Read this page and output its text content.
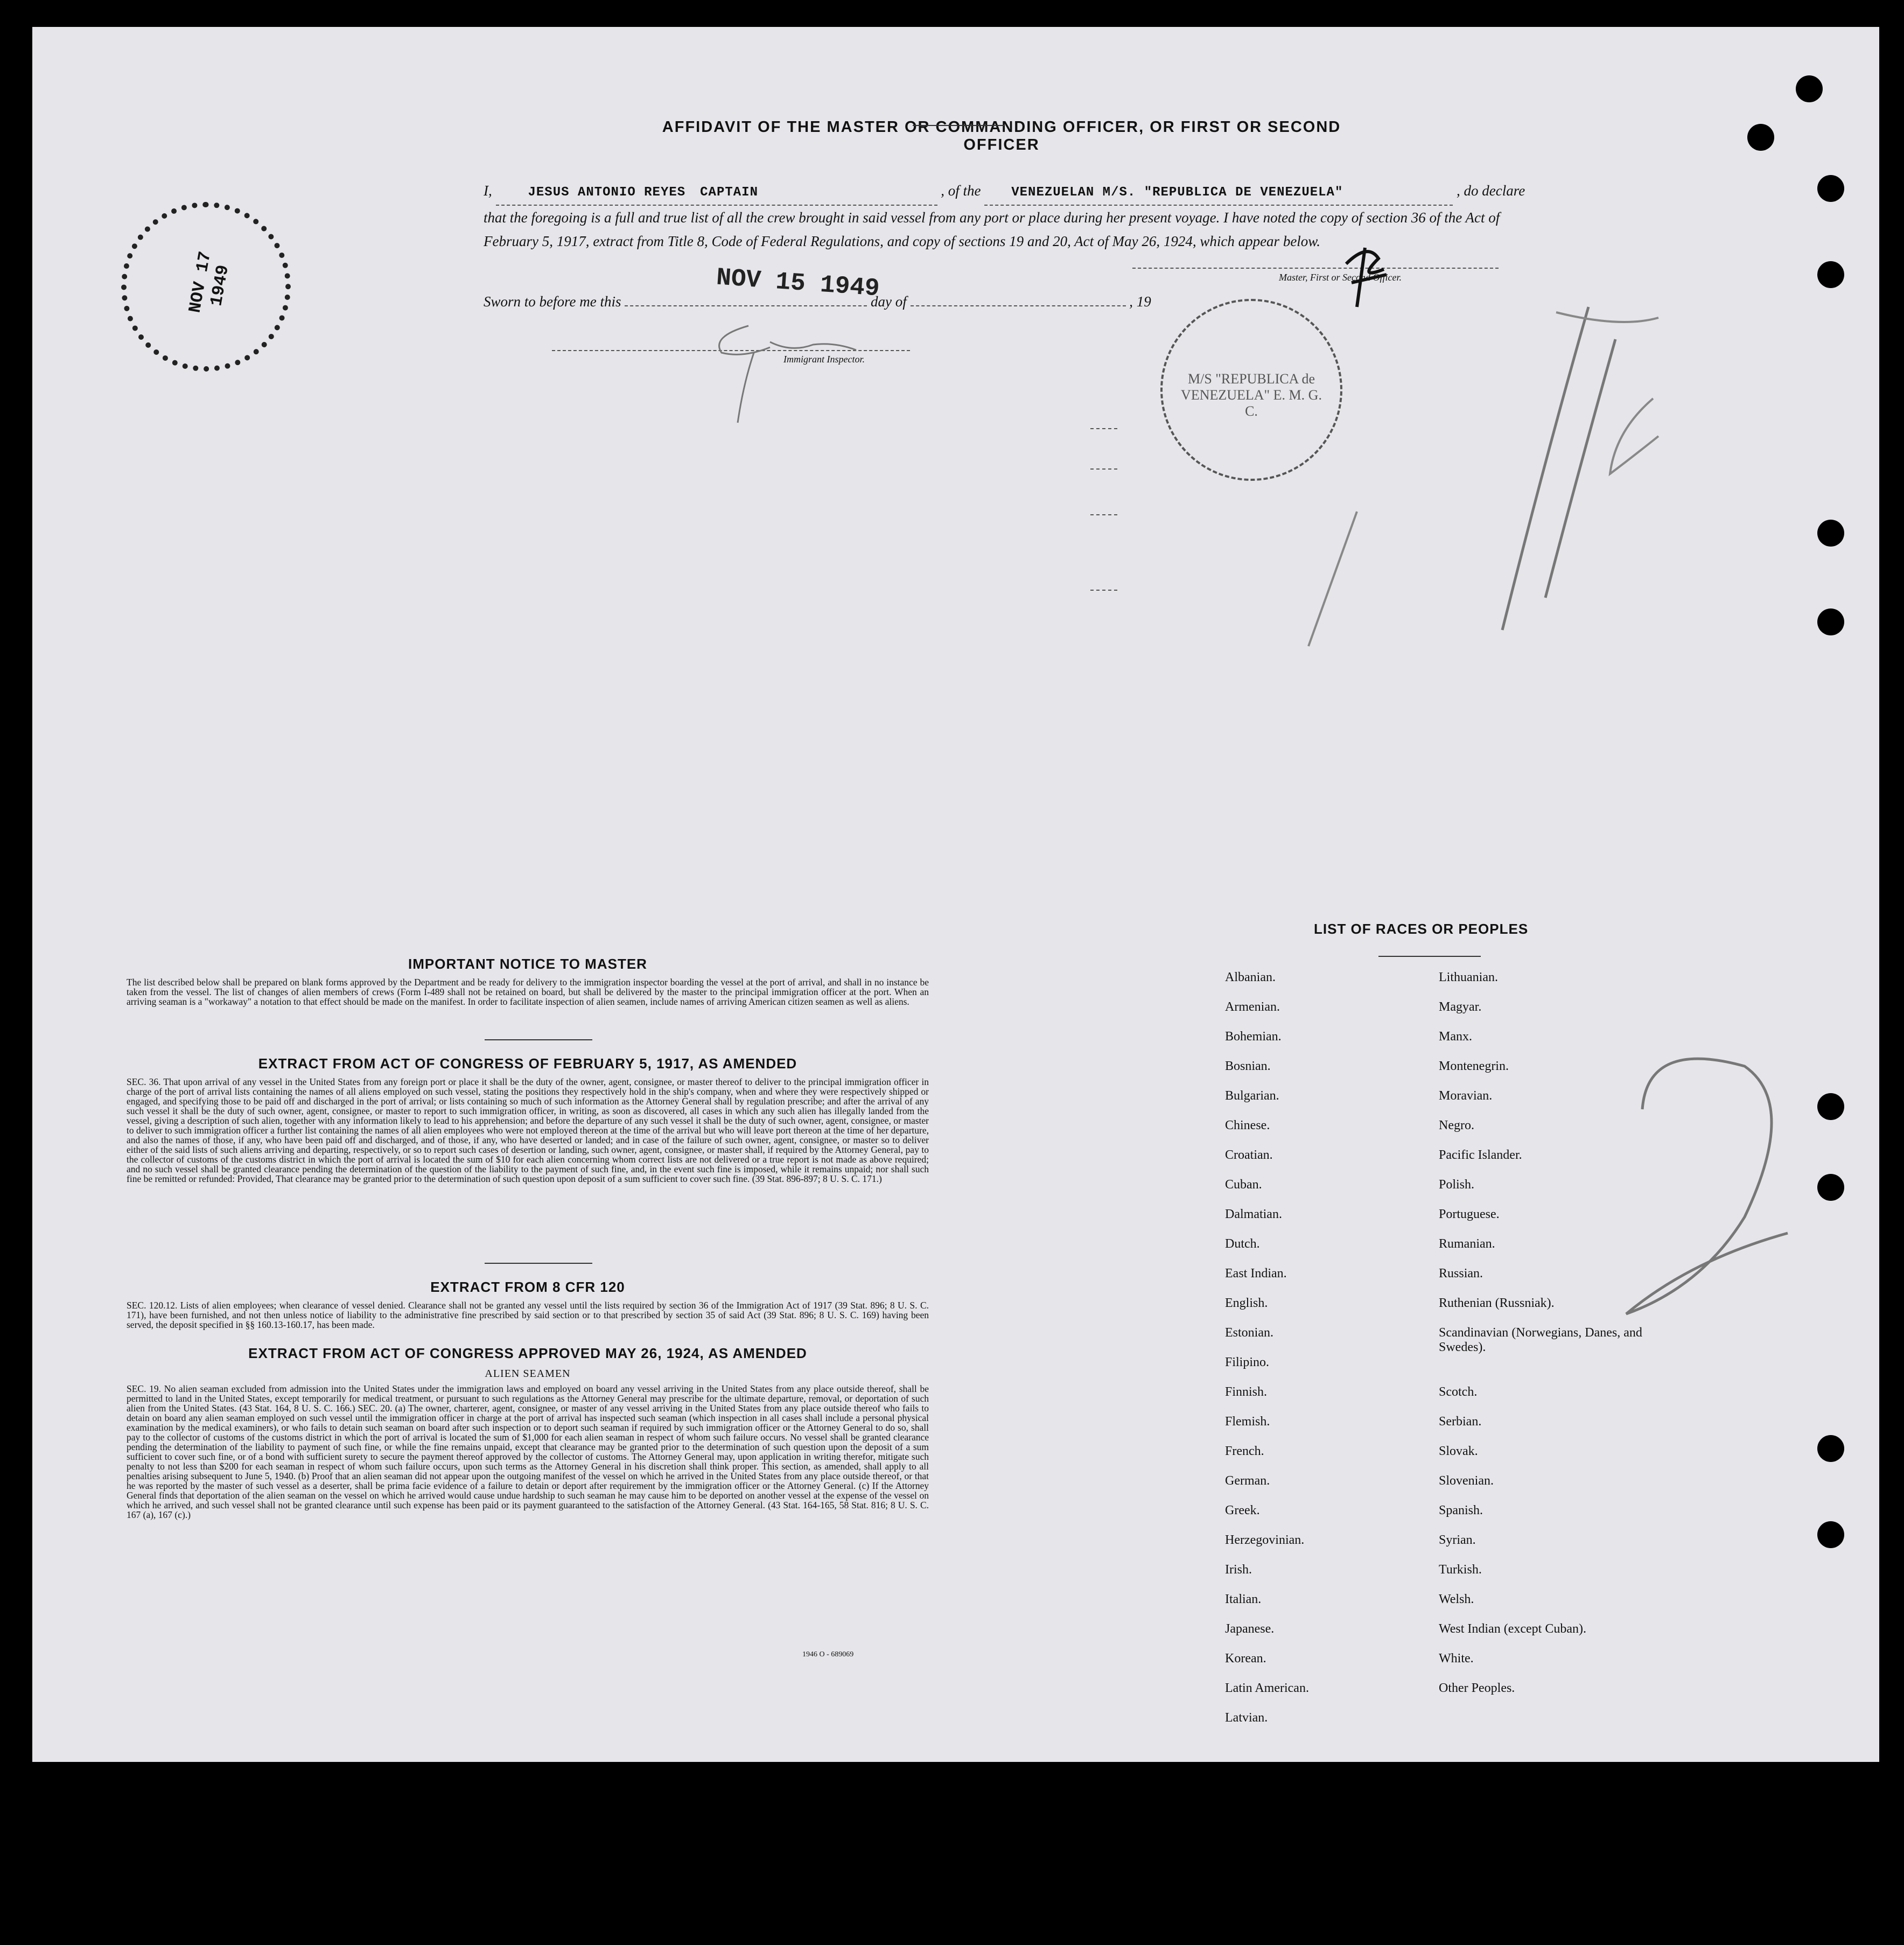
AFFIDAVIT OF THE MASTER OR COMMANDING OFFICER, OR FIRST OR SECOND OFFICER
I,	JESUS ANTONIO REYES CAPTAIN	, of the VENEZUELAN M/S. "REPUBLICA DE VENEZUELA"	, do declare
that the foregoing is a full and true list of all the crew brought in said vessel from any port or place during her present voyage. I have noted the copy of section 36 of the Act of February 5, 1917, extract from Title 8, Code of Federal Regulations, and copy of sections 19 and 20, Act of May 26, 1924, which appear below.
Sworn to before me this	day of	, 19
NOV 15 1949	Master, First or Second Officer.
Immigrant Inspector.
NOV 17 1949
M/S "REPUBLICA de VENEZUELA" E. M. G. C.
IMPORTANT NOTICE TO MASTER
The list described below shall be prepared on blank forms approved by the Department and be ready for delivery to the immigration inspector boarding the vessel at the port of arrival, and shall in no instance be taken from the vessel. The list of changes of alien members of crews (Form I-489 shall not be retained on board, but shall be delivered by the master to the principal immigration officer at the port. When an arriving seaman is a "workaway" a notation to that effect should be made on the manifest. In order to facilitate inspection of alien seamen, include names of arriving American citizen seamen as well as aliens.
EXTRACT FROM ACT OF CONGRESS OF FEBRUARY 5, 1917, AS AMENDED
SEC. 36. That upon arrival of any vessel in the United States from any foreign port or place it shall be the duty of the owner, agent, consignee, or master thereof to deliver to the principal immigration officer in charge of the port of arrival lists containing the names of all aliens employed on such vessel, stating the positions they respectively hold in the ship's company, when and where they were respectively shipped or engaged, and specifying those to be paid off and discharged in the port of arrival; or lists containing so much of such information as the Attorney General shall by regulation prescribe; and after the arrival of any such vessel it shall be the duty of such owner, agent, consignee, or master to report to such immigration officer, in writing, as soon as discovered, all cases in which any such alien has illegally landed from the vessel, giving a description of such alien, together with any information likely to lead to his apprehension; and before the departure of any such vessel it shall be the duty of such owner, agent, consignee, or master to deliver to such immigration officer a further list containing the names of all alien employees who were not employed thereon at the time of the arrival but who will leave port thereon at the time of her departure, and also the names of those, if any, who have been paid off and discharged, and of those, if any, who have deserted or landed; and in case of the failure of such owner, agent, consignee, or master so to deliver either of the said lists of such aliens arriving and departing, respectively, or so to report such cases of desertion or landing, such owner, agent, consignee, or master shall, if required by the Attorney General, pay to the collector of customs of the customs district in which the port of arrival is located the sum of $10 for each alien concerning whom correct lists are not delivered or a true report is not made as above required; and no such vessel shall be granted clearance pending the determination of the question of the liability to the payment of such fine, and, in the event such fine is imposed, while it remains unpaid; nor shall such fine be remitted or refunded: Provided, That clearance may be granted prior to the determination of such question upon deposit of a sum sufficient to cover such fine. (39 Stat. 896-897; 8 U. S. C. 171.)
EXTRACT FROM 8 CFR 120
SEC. 120.12. Lists of alien employees; when clearance of vessel denied. Clearance shall not be granted any vessel until the lists required by section 36 of the Immigration Act of 1917 (39 Stat. 896; 8 U. S. C. 171), have been furnished, and not then unless notice of liability to the administrative fine prescribed by said section or to that prescribed by section 35 of said Act (39 Stat. 896; 8 U. S. C. 169) having been served, the deposit specified in §§ 160.13-160.17, has been made.
EXTRACT FROM ACT OF CONGRESS APPROVED MAY 26, 1924, AS AMENDED
ALIEN SEAMEN
SEC. 19. No alien seaman excluded from admission into the United States under the immigration laws and employed on board any vessel arriving in the United States from any place outside thereof, shall be permitted to land in the United States, except temporarily for medical treatment, or pursuant to such regulations as the Attorney General may prescribe for the ultimate departure, removal, or deportation of such alien from the United States. (43 Stat. 164, 8 U. S. C. 166.) SEC. 20. (a) The owner, charterer, agent, consignee, or master of any vessel arriving in the United States from any place outside thereof who fails to detain on board any alien seaman employed on such vessel until the immigration officer in charge at the port of arrival has inspected such seaman (which inspection in all cases shall include a personal physical examination by the medical examiners), or who fails to detain such seaman on board after such inspection or to deport such seaman if required by such immigration officer or the Attorney General to do so, shall pay to the collector of customs of the customs district in which the port of arrival is located the sum of $1,000 for each alien seaman in respect of whom such failure occurs. No vessel shall be granted clearance pending the determination of the liability to payment of such fine, or while the fine remains unpaid, except that clearance may be granted prior to the determination of such question upon the deposit of a sum sufficient to cover such fine, or of a bond with sufficient surety to secure the payment thereof approved by the collector of customs. The Attorney General may, upon application in writing therefor, mitigate such penalty to not less than $200 for each seaman in respect of whom such failure occurs, upon such terms as the Attorney General in his discretion shall think proper. This section, as amended, shall apply to all penalties arising subsequent to June 5, 1940. (b) Proof that an alien seaman did not appear upon the outgoing manifest of the vessel on which he arrived in the United States from any place outside thereof, or that he was reported by the master of such vessel as a deserter, shall be prima facie evidence of a failure to detain or deport after requirement by the immigration officer or the Attorney General. (c) If the Attorney General finds that deportation of the alien seaman on the vessel on which he arrived would cause undue hardship to such seaman he may cause him to be deported on another vessel at the expense of the vessel on which he arrived, and such vessel shall not be granted clearance until such expense has been paid or its payment guaranteed to the satisfaction of the Attorney General. (43 Stat. 164-165, 58 Stat. 816; 8 U. S. C. 167 (a), 167 (c).)
1946 O - 689069
LIST OF RACES OR PEOPLES
Albanian.
Armenian.
Bohemian.
Bosnian.
Bulgarian.
Chinese.
Croatian.
Cuban.
Dalmatian.
Dutch.
East Indian.
English.
Estonian.
Filipino.
Finnish.
Flemish.
French.
German.
Greek.
Herzegovinian.
Irish.
Italian.
Japanese.
Korean.
Latin American.
Latvian.
Lithuanian.
Magyar.
Manx.
Montenegrin.
Moravian.
Negro.
Pacific Islander.
Polish.
Portuguese.
Rumanian.
Russian.
Ruthenian (Russniak).
Scandinavian (Norwegians, Danes, and Swedes).
Scotch.
Serbian.
Slovak.
Slovenian.
Spanish.
Syrian.
Turkish.
Welsh.
West Indian (except Cuban).
White.
Other Peoples.
